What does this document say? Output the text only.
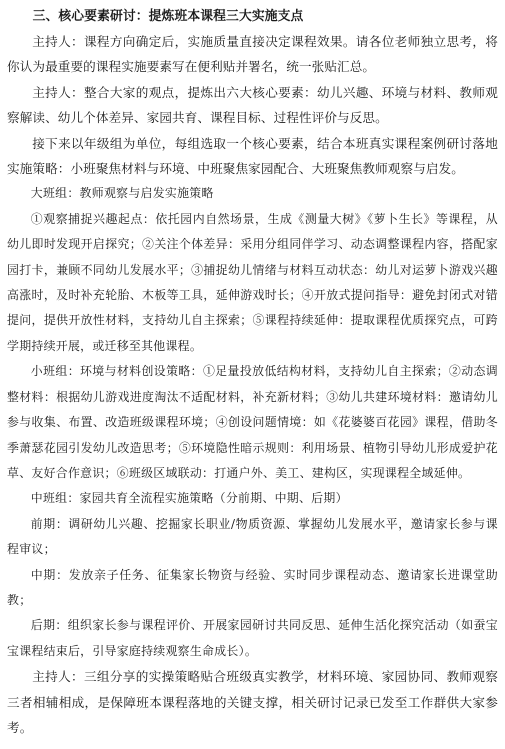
三、核心要素研讨：提炼班本课程三大实施支点

主持人：课程方向确定后，实施质量直接决定课程效果。请各位老师独立思考，将你认为最重要的课程实施要素写在便利贴并署名，统一张贴汇总。

主持人：整合大家的观点，提炼出六大核心要素：幼儿兴趣、环境与材料、教师观察解读、幼儿个体差异、家园共育、课程目标、过程性评价与反思。

接下来以年级组为单位，每组选取一个核心要素，结合本班真实课程案例研讨落地实施策略：小班聚焦材料与环境、中班聚焦家园配合、大班聚焦教师观察与启发。

大班组：教师观察与启发实施策略

①观察捕捉兴趣起点：依托园内自然场景，生成《测量大树》《萝卜生长》等课程，从幼儿即时发现开启探究；②关注个体差异：采用分组同伴学习、动态调整课程内容，搭配家园打卡，兼顾不同幼儿发展水平；③捕捉幼儿情绪与材料互动状态：幼儿对运萝卜游戏兴趣高涨时，及时补充轮胎、木板等工具，延伸游戏时长；④开放式提问指导：避免封闭式对错提问，提供开放性材料，支持幼儿自主探索；⑤课程持续延伸：提取课程优质探究点，可跨学期持续开展，或迁移至其他课程。

小班组：环境与材料创设策略：①足量投放低结构材料，支持幼儿自主探索；②动态调整材料：根据幼儿游戏进度淘汰不适配材料，补充新材料；③幼儿共建环境材料：邀请幼儿参与收集、布置、改造班级课程环境；④创设问题情境：如《花婆婆百花园》课程，借助冬季萧瑟花园引发幼儿改造思考；⑤环境隐性暗示规则：利用场景、植物引导幼儿形成爱护花草、友好合作意识；⑥班级区域联动：打通户外、美工、建构区，实现课程全域延伸。

中班组：家园共育全流程实施策略（分前期、中期、后期）

前期：调研幼儿兴趣、挖掘家长职业/物质资源、掌握幼儿发展水平，邀请家长参与课程审议；

中期：发放亲子任务、征集家长物资与经验、实时同步课程动态、邀请家长进课堂助教；

后期：组织家长参与课程评价、开展家园研讨共同反思、延伸生活化探究活动（如蚕宝宝课程结束后，引导家庭持续观察生命成长）。

主持人：三组分享的实操策略贴合班级真实教学，材料环境、家园协同、教师观察三者相辅相成，是保障班本课程落地的关键支撑，相关研讨记录已发至工作群供大家参考。
